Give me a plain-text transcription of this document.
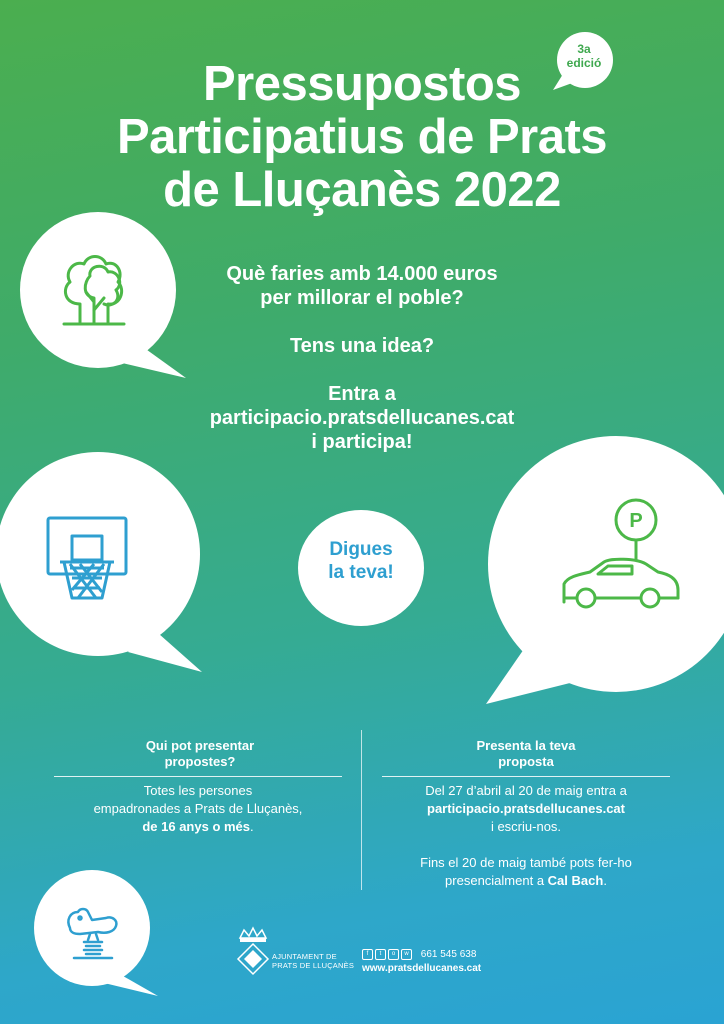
3a
edició
Pressupostos
Participatius de Prats
de Lluçanès 2022

Què faries amb 14.000 euros

per millorar el poble?

Tens una idea?

Entra a

participacio.pratsdellucanes.cat

i participa!

Digues
la teva!
P
Qui pot presentar
propostes?

Totes les persones

empadronades a Prats de Lluçanès,

de 16 anys o més.

Presenta la teva
proposta

Del 27 d’abril al 20 de maig entra a

participacio.pratsdellucanes.cat

i escriu-nos.

Fins el 20 de maig també pots fer-ho

presencialment a Cal Bach.

AJUNTAMENT DE
PRATS DE LLUÇANÈS
f	t	o	w	661 545 638
www.pratsdellucanes.cat
